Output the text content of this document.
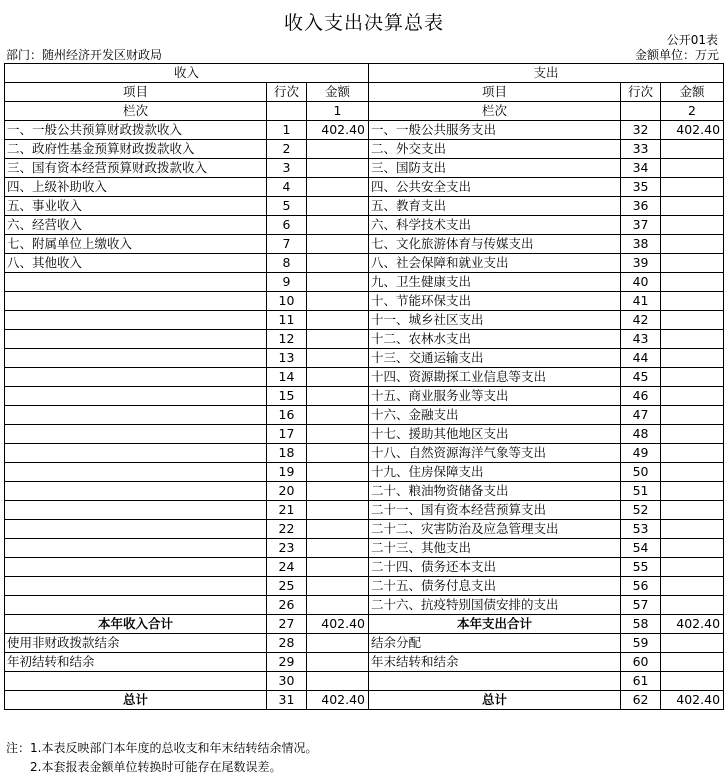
收入支出决算总表
公开01表
部门：随州经济开发区财政局	金额单位：万元
收入			支出		
项目	行次	金额	项目	行次	金额
栏次		1	栏次		2
一、一般公共预算财政拨款收入	1	402.40	一、一般公共服务支出	32	402.40
二、政府性基金预算财政拨款收入	2		二、外交支出	33	
三、国有资本经营预算财政拨款收入	3		三、国防支出	34	
四、上级补助收入	4		四、公共安全支出	35	
五、事业收入	5		五、教育支出	36	
六、经营收入	6		六、科学技术支出	37	
七、附属单位上缴收入	7		七、文化旅游体育与传媒支出	38	
八、其他收入	8		八、社会保障和就业支出	39	
	9		九、卫生健康支出	40	
	10		十、节能环保支出	41	
	11		十一、城乡社区支出	42	
	12		十二、农林水支出	43	
	13		十三、交通运输支出	44	
	14		十四、资源勘探工业信息等支出	45	
	15		十五、商业服务业等支出	46	
	16		十六、金融支出	47	
	17		十七、援助其他地区支出	48	
	18		十八、自然资源海洋气象等支出	49	
	19		十九、住房保障支出	50	
	20		二十、粮油物资储备支出	51	
	21		二十一、国有资本经营预算支出	52	
	22		二十二、灾害防治及应急管理支出	53	
	23		二十三、其他支出	54	
	24		二十四、债务还本支出	55	
	25		二十五、债务付息支出	56	
	26		二十六、抗疫特别国债安排的支出	57	
本年收入合计	27	402.40	本年支出合计	58	402.40
使用非财政拨款结余	28		结余分配	59	
年初结转和结余	29		年末结转和结余	60	
	30			61	
总计	31	402.40	总计	62	402.40
注：1.本表反映部门本年度的总收支和年末结转结余情况。
　　2.本套报表金额单位转换时可能存在尾数误差。
